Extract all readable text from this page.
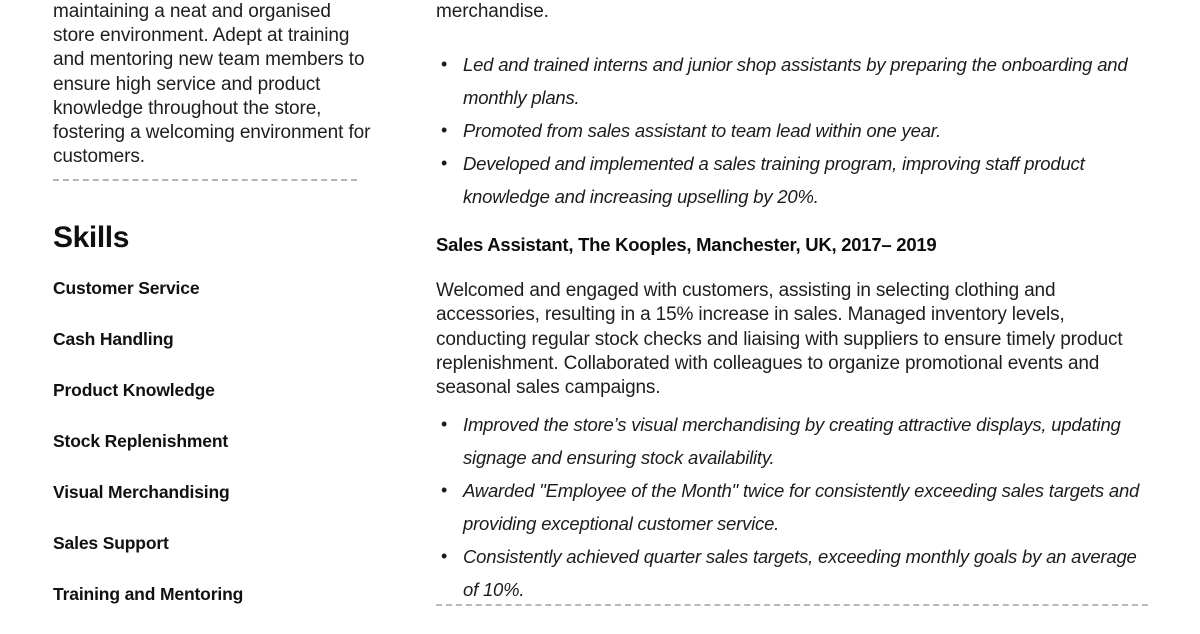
maintaining a neat and organised store environment. Adept at training and mentoring new team members to ensure high service and product knowledge throughout the store, fostering a welcoming environment for customers.

Skills
Customer Service
Cash Handling
Product Knowledge
Stock Replenishment
Visual Merchandising
Sales Support
Training and Mentoring

merchandise.

• Led and trained interns and junior shop assistants by preparing the onboarding and monthly plans.
• Promoted from sales assistant to team lead within one year.
• Developed and implemented a sales training program, improving staff product knowledge and increasing upselling by 20%.
Sales Assistant, The Kooples, Manchester, UK, 2017– 2019

Welcomed and engaged with customers, assisting in selecting clothing and accessories, resulting in a 15% increase in sales. Managed inventory levels, conducting regular stock checks and liaising with suppliers to ensure timely product replenishment. Collaborated with colleagues to organize promotional events and seasonal sales campaigns.

• Improved the store’s visual merchandising by creating attractive displays, updating signage and ensuring stock availability.
• Awarded "Employee of the Month" twice for consistently exceeding sales targets and providing exceptional customer service.
• Consistently achieved quarter sales targets, exceeding monthly goals by an average of 10%.
